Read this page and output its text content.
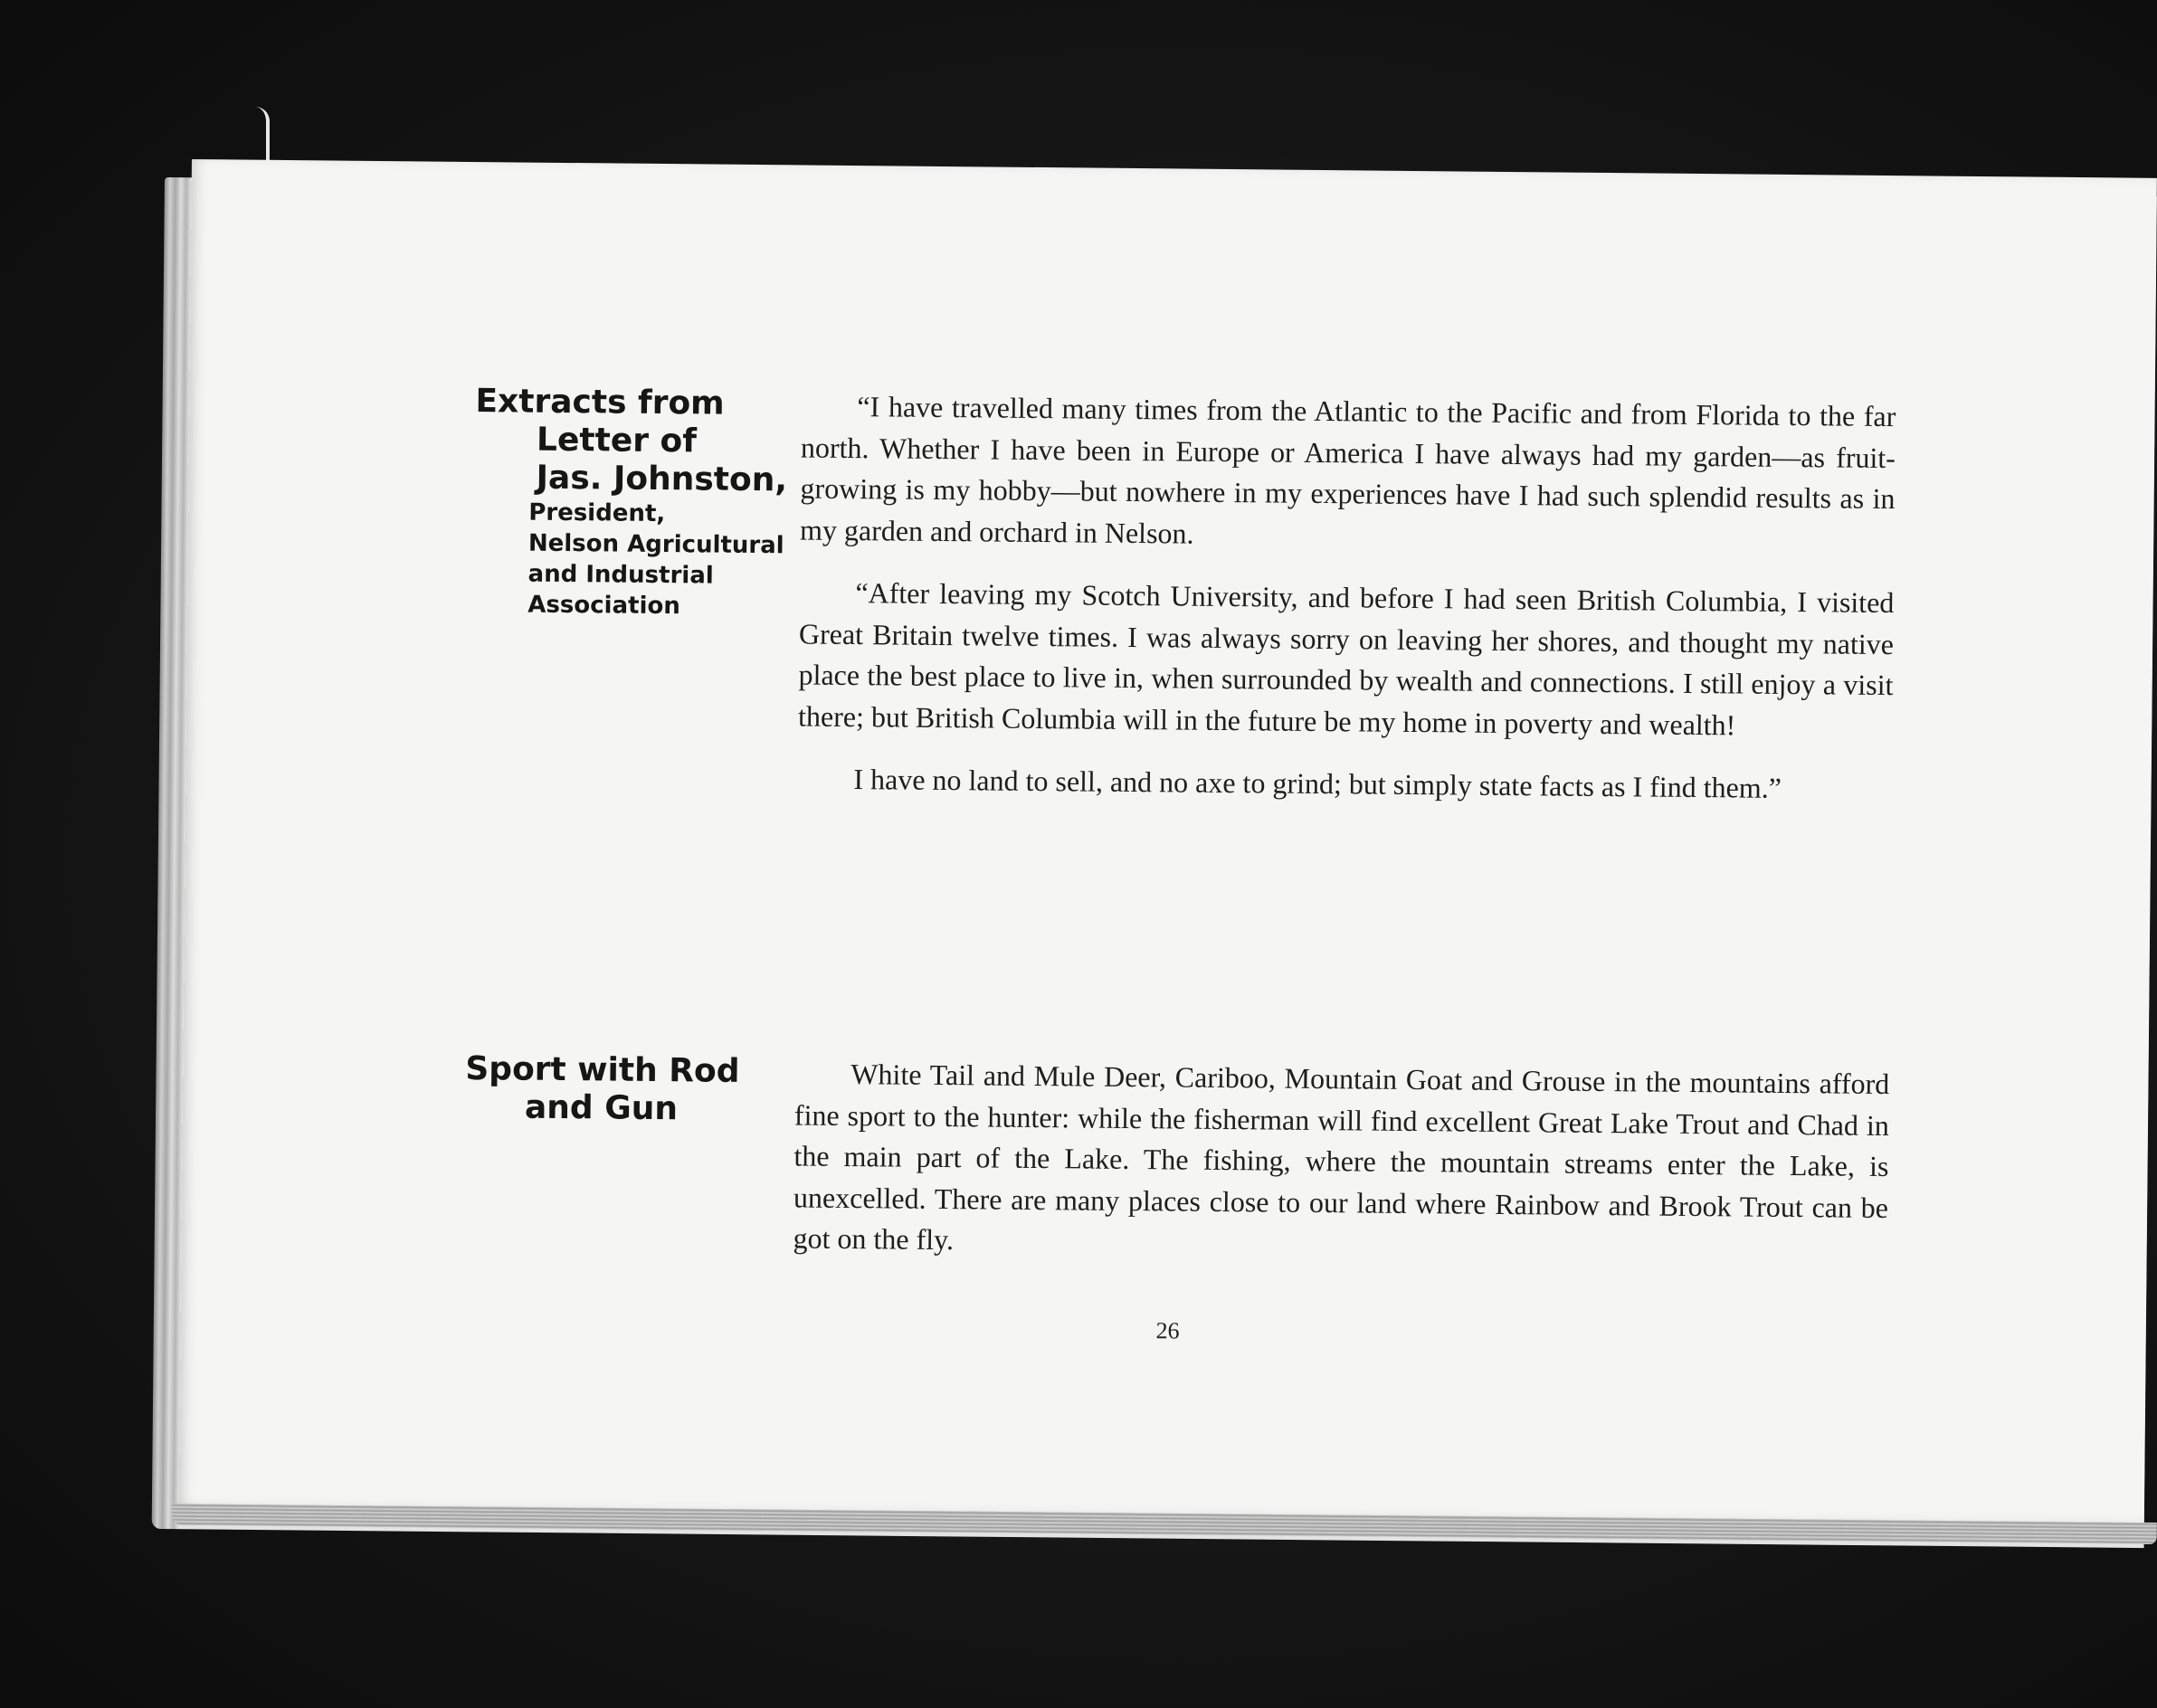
Extracts from
Letter of
Jas. Johnston,
President,
Nelson Agricultural
and Industrial
Association

“I have travelled many times from the Atlantic to the Pacific and from Florida to the far north. Whether I have been in Europe or America I have always had my garden—as fruit-growing is my hobby—but nowhere in my experiences have I had such splendid results as in my garden and orchard in Nelson.

“After leaving my Scotch University, and before I had seen British Columbia, I visited Great Britain twelve times. I was always sorry on leaving her shores, and thought my native place the best place to live in, when surrounded by wealth and connections. I still enjoy a visit there; but British Columbia will in the future be my home in poverty and wealth!

I have no land to sell, and no axe to grind; but simply state facts as I find them.”

Sport with Rod
and Gun

White Tail and Mule Deer, Cariboo, Mountain Goat and Grouse in the mountains afford fine sport to the hunter: while the fisherman will find excellent Great Lake Trout and Chad in the main part of the Lake. The fishing, where the mountain streams enter the Lake, is unexcelled. There are many places close to our land where Rainbow and Brook Trout can be got on the fly.

26
